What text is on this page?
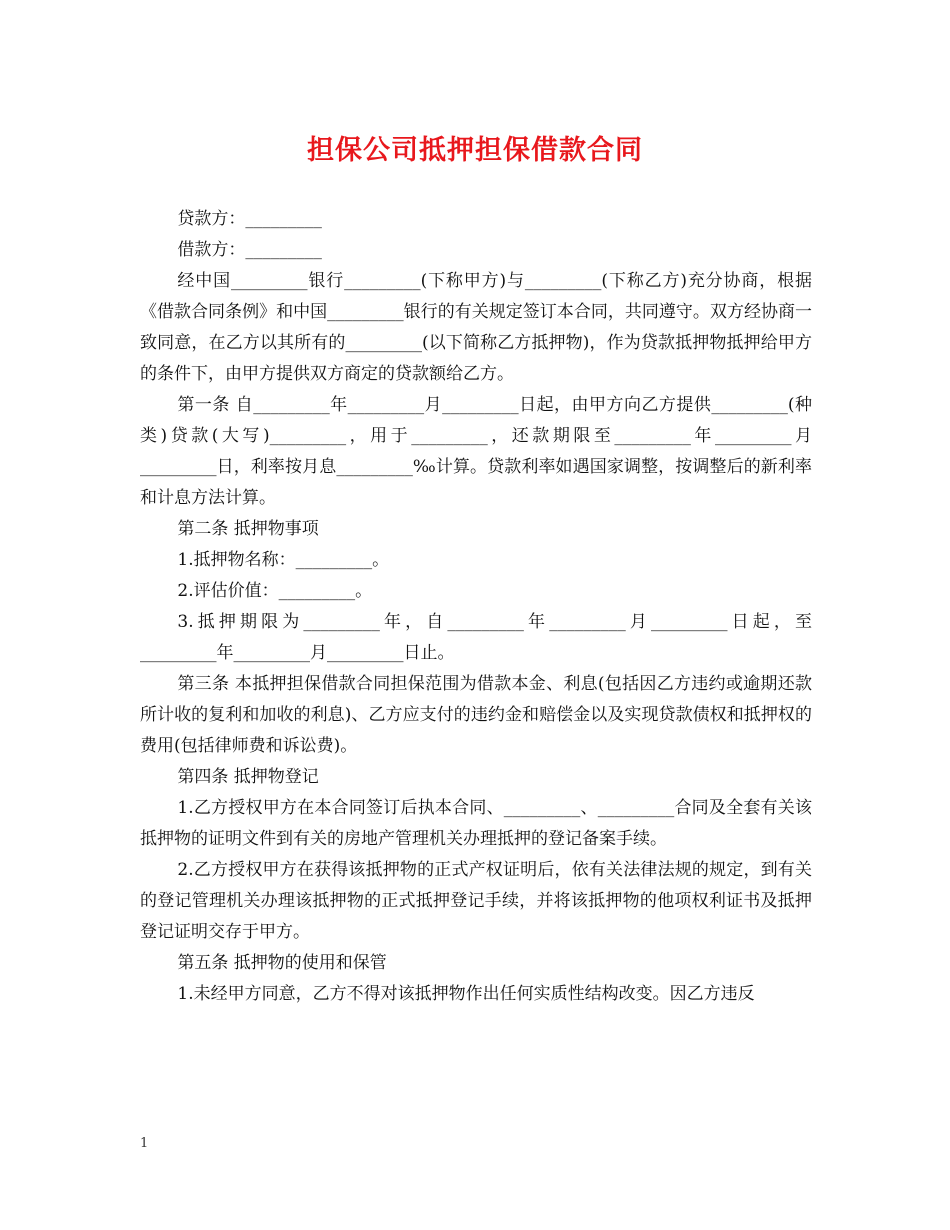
担保公司抵押担保借款合同

贷款方：_________

借款方：_________

经中国_________银行_________(下称甲方)与_________(下称乙方)充分协商，根据《借款合同条例》和中国_________银行的有关规定签订本合同，共同遵守。双方经协商一致同意，在乙方以其所有的_________(以下简称乙方抵押物)，作为贷款抵押物抵押给甲方的条件下，由甲方提供双方商定的贷款额给乙方。

第一条 自_________年_________月_________日起，由甲方向乙方提供_________(种类)贷款(大写)_________，用于_________，还款期限至_________年_________月_________日，利率按月息_________‰计算。贷款利率如遇国家调整，按调整后的新利率和计息方法计算。

第二条 抵押物事项

1.抵押物名称：_________。

2.评估价值：_________。

3.抵押期限为_________年，自_________年_________月_________日起，至_________年_________月_________日止。

第三条 本抵押担保借款合同担保范围为借款本金、利息(包括因乙方违约或逾期还款所计收的复利和加收的利息)、乙方应支付的违约金和赔偿金以及实现贷款债权和抵押权的费用(包括律师费和诉讼费)。

第四条 抵押物登记

1.乙方授权甲方在本合同签订后执本合同、_________、_________合同及全套有关该抵押物的证明文件到有关的房地产管理机关办理抵押的登记备案手续。

2.乙方授权甲方在获得该抵押物的正式产权证明后，依有关法律法规的规定，到有关的登记管理机关办理该抵押物的正式抵押登记手续，并将该抵押物的他项权利证书及抵押登记证明交存于甲方。

第五条 抵押物的使用和保管

1.未经甲方同意，乙方不得对该抵押物作出任何实质性结构改变。因乙方违反

1
